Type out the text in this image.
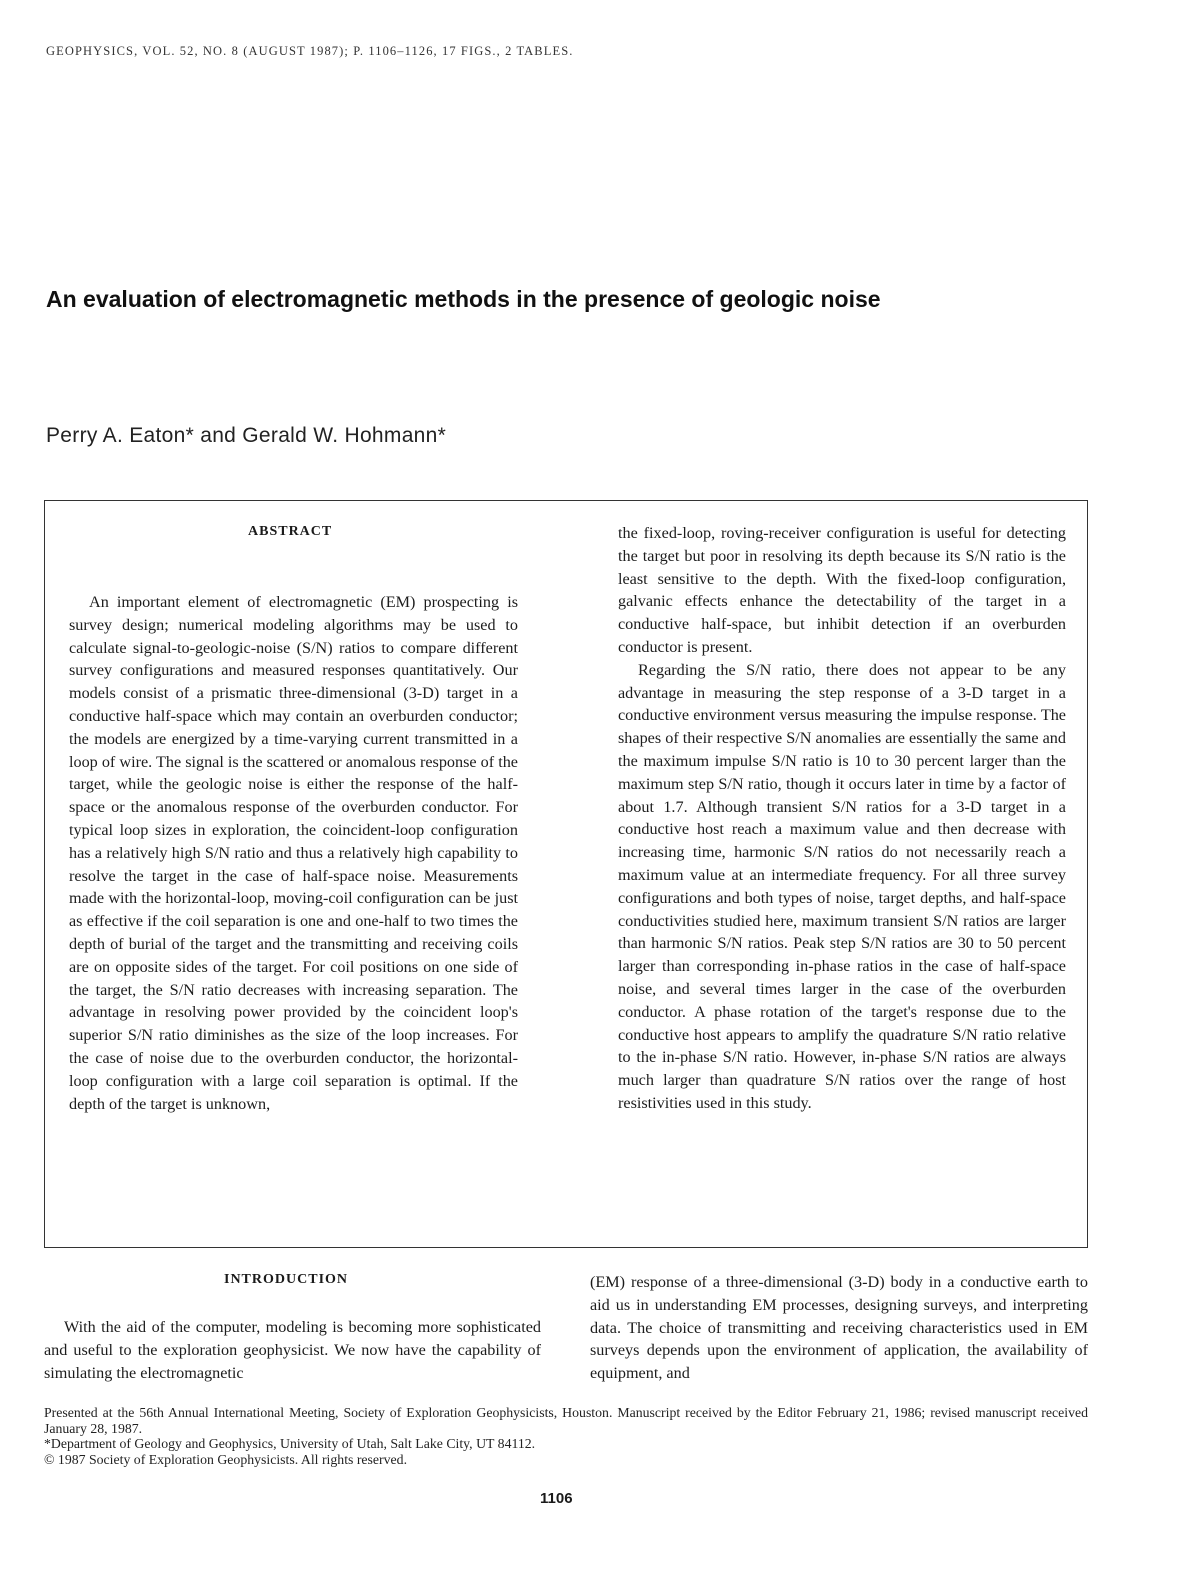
GEOPHYSICS, VOL. 52, NO. 8 (AUGUST 1987); P. 1106–1126, 17 FIGS., 2 TABLES.
An evaluation of electromagnetic methods in the presence of geologic noise
Perry A. Eaton* and Gerald W. Hohmann*
ABSTRACT

An important element of electromagnetic (EM) prospecting is survey design; numerical modeling algorithms may be used to calculate signal-to-geologic-noise (S/N) ratios to compare different survey configurations and measured responses quantitatively. Our models consist of a prismatic three-dimensional (3-D) target in a conductive half-space which may contain an overburden conductor; the models are energized by a time-varying current transmitted in a loop of wire. The signal is the scattered or anomalous response of the target, while the geologic noise is either the response of the half-space or the anomalous response of the overburden conductor. For typical loop sizes in exploration, the coincident-loop configuration has a relatively high S/N ratio and thus a relatively high capability to resolve the target in the case of half-space noise. Measurements made with the horizontal-loop, moving-coil configuration can be just as effective if the coil separation is one and one-half to two times the depth of burial of the target and the transmitting and receiving coils are on opposite sides of the target. For coil positions on one side of the target, the S/N ratio decreases with increasing separation. The advantage in resolving power provided by the coincident loop's superior S/N ratio diminishes as the size of the loop increases. For the case of noise due to the overburden conductor, the horizontal-loop configuration with a large coil separation is optimal. If the depth of the target is unknown,

the fixed-loop, roving-receiver configuration is useful for detecting the target but poor in resolving its depth because its S/N ratio is the least sensitive to the depth. With the fixed-loop configuration, galvanic effects enhance the detectability of the target in a conductive half-space, but inhibit detection if an overburden conductor is present.

Regarding the S/N ratio, there does not appear to be any advantage in measuring the step response of a 3-D target in a conductive environment versus measuring the impulse response. The shapes of their respective S/N anomalies are essentially the same and the maximum impulse S/N ratio is 10 to 30 percent larger than the maximum step S/N ratio, though it occurs later in time by a factor of about 1.7. Although transient S/N ratios for a 3-D target in a conductive host reach a maximum value and then decrease with increasing time, harmonic S/N ratios do not necessarily reach a maximum value at an intermediate frequency. For all three survey configurations and both types of noise, target depths, and half-space conductivities studied here, maximum transient S/N ratios are larger than harmonic S/N ratios. Peak step S/N ratios are 30 to 50 percent larger than corresponding in-phase ratios in the case of half-space noise, and several times larger in the case of the overburden conductor. A phase rotation of the target's response due to the conductive host appears to amplify the quadrature S/N ratio relative to the in-phase S/N ratio. However, in-phase S/N ratios are always much larger than quadrature S/N ratios over the range of host resistivities used in this study.

INTRODUCTION

With the aid of the computer, modeling is becoming more sophisticated and useful to the exploration geophysicist. We now have the capability of simulating the electromagnetic

(EM) response of a three-dimensional (3-D) body in a conductive earth to aid us in understanding EM processes, designing surveys, and interpreting data. The choice of transmitting and receiving characteristics used in EM surveys depends upon the environment of application, the availability of equipment, and

Presented at the 56th Annual International Meeting, Society of Exploration Geophysicists, Houston. Manuscript received by the Editor February 21, 1986; revised manuscript received January 28, 1987.

*Department of Geology and Geophysics, University of Utah, Salt Lake City, UT 84112.

© 1987 Society of Exploration Geophysicists. All rights reserved.

1106
